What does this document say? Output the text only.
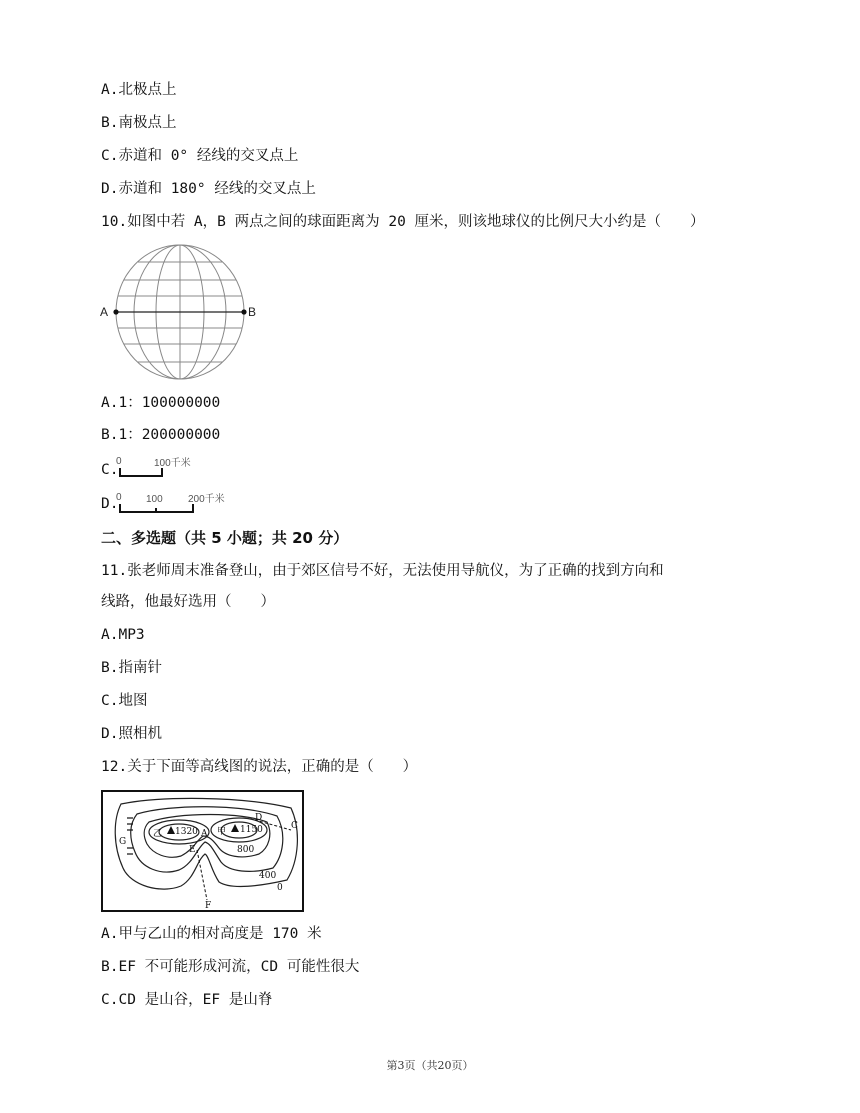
A.北极点上
B.南极点上
C.赤道和 0° 经线的交叉点上
D.赤道和 180° 经线的交叉点上
10.如图中若 A，B 两点之间的球面距离为 20 厘米，则该地球仪的比例尺大小约是（　　）
A	B
A.1：100000000
B.1：200000000
C.
0	100千米
D.
0 100	200千米
二、多选题（共 5 小题；共 20 分）
11.张老师周末准备登山，由于郊区信号不好，无法使用导航仪，为了正确的找到方向和
线路，他最好选用（　　）
A.MP3
B.指南针
C.地图
D.照相机
12.关于下面等高线图的说法，正确的是（　　）
乙 1320 甲 1150
A
C
D
E
F
G
800
400
0
A.甲与乙山的相对高度是 170 米
B.EF 不可能形成河流，CD 可能性很大
C.CD 是山谷，EF 是山脊
第3页（共20页）
